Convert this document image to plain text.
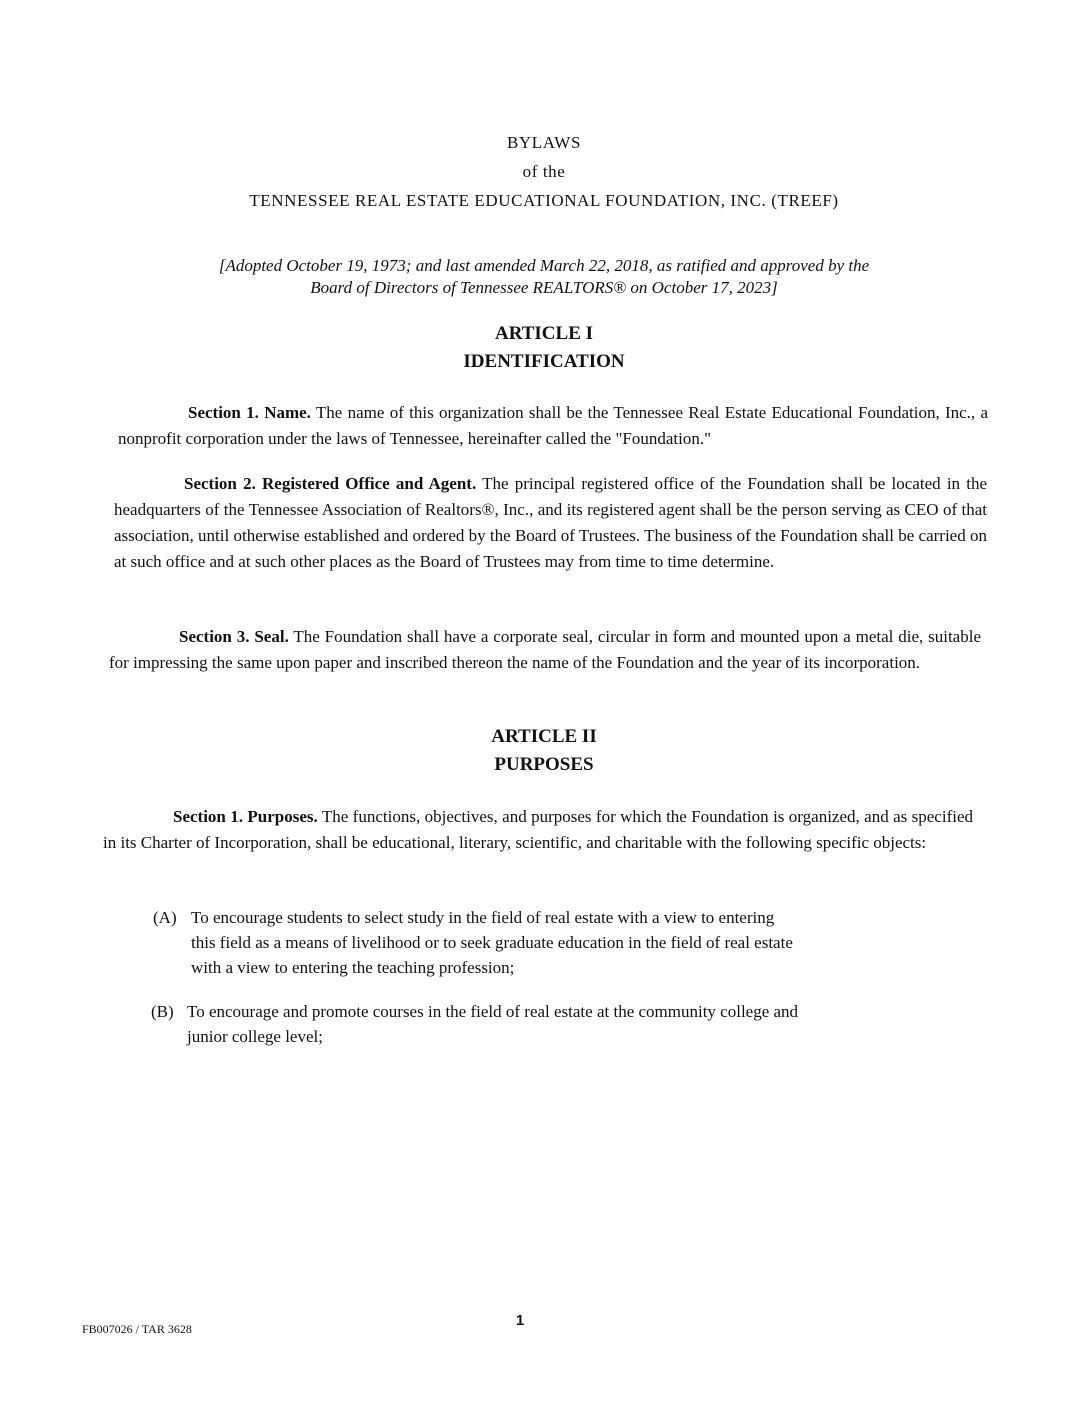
BYLAWS
of the
TENNESSEE REAL ESTATE EDUCATIONAL FOUNDATION, INC. (TREEF)
[Adopted October 19, 1973; and last amended March 22, 2018, as ratified and approved by the
Board of Directors of Tennessee REALTORS® on October 17, 2023]
ARTICLE I
IDENTIFICATION
Section 1. Name. The name of this organization shall be the Tennessee Real Estate Educational Foundation, Inc., a nonprofit corporation under the laws of Tennessee, hereinafter called the "Foundation."
Section 2. Registered Office and Agent. The principal registered office of the Foundation shall be located in the headquarters of the Tennessee Association of Realtors®, Inc., and its registered agent shall be the person serving as CEO of that association, until otherwise established and ordered by the Board of Trustees. The business of the Foundation shall be carried on at such office and at such other places as the Board of Trustees may from time to time determine.
Section 3. Seal. The Foundation shall have a corporate seal, circular in form and mounted upon a metal die, suitable for impressing the same upon paper and inscribed thereon the name of the Foundation and the year of its incorporation.
ARTICLE II
PURPOSES
Section 1. Purposes. The functions, objectives, and purposes for which the Foundation is organized, and as specified in its Charter of Incorporation, shall be educational, literary, scientific, and charitable with the following specific objects:
(A) To encourage students to select study in the field of real estate with a view to entering
this field as a means of livelihood or to seek graduate education in the field of real estate
with a view to entering the teaching profession;
(B) To encourage and promote courses in the field of real estate at the community college and
junior college level;
1
FB007026 / TAR 3628
